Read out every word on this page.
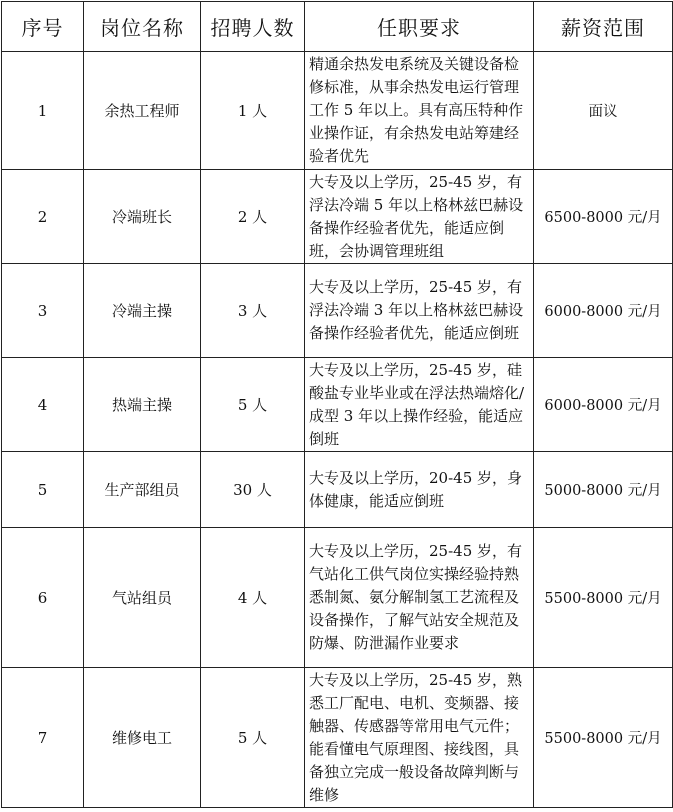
序号	岗位名称	招聘人数	任职要求	薪资范围
1	余热工程师	1 人	精通余热发电系统及关键设备检修标准，从事余热发电运行管理工作 5 年以上。具有高压特种作业操作证，有余热发电站筹建经验者优先	面议
2	冷端班长	2 人	大专及以上学历，25-45 岁，有浮法冷端 5 年以上格林兹巴赫设备操作经验者优先，能适应倒班，会协调管理班组	6500-8000 元/月
3	冷端主操	3 人	大专及以上学历，25-45 岁，有浮法冷端 3 年以上格林兹巴赫设备操作经验者优先，能适应倒班	6000-8000 元/月
4	热端主操	5 人	大专及以上学历，25-45 岁，硅酸盐专业毕业或在浮法热端熔化/成型 3 年以上操作经验，能适应倒班	6000-8000 元/月
5	生产部组员	30 人	大专及以上学历，20-45 岁，身体健康，能适应倒班	5000-8000 元/月
6	气站组员	4 人	大专及以上学历，25-45 岁，有气站化工供气岗位实操经验持熟悉制氮、氨分解制氢工艺流程及设备操作，了解气站安全规范及防爆、防泄漏作业要求	5500-8000 元/月
7	维修电工	5 人	大专及以上学历，25-45 岁，熟悉工厂配电、电机、变频器、接触器、传感器等常用电气元件；能看懂电气原理图、接线图，具备独立完成一般设备故障判断与维修	5500-8000 元/月
